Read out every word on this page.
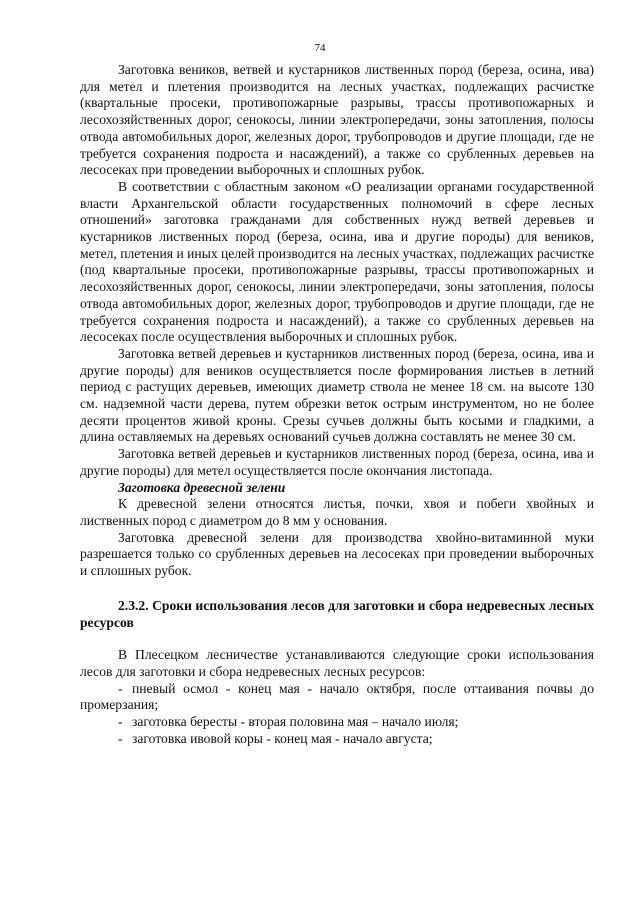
74

Заготовка веников, ветвей и кустарников лиственных пород (береза, осина, ива) для метел и плетения производится на лесных участках, подлежащих расчистке (квартальные просеки, противопожарные разрывы, трассы противопожарных и лесохозяйственных дорог, сенокосы, линии электропередачи, зоны затопления, полосы отвода автомобильных дорог, железных дорог, трубопроводов и другие площади, где не требуется сохранения подроста и насаждений), а также со срубленных деревьев на лесосеках при проведении выборочных и сплошных рубок.

В соответствии с областным законом «О реализации органами государственной власти Архангельской области государственных полномочий в сфере лесных отношений» заготовка гражданами для собственных нужд ветвей деревьев и кустарников лиственных пород (береза, осина, ива и другие породы) для веников, метел, плетения и иных целей производится на лесных участках, подлежащих расчистке (под квартальные просеки, противопожарные разрывы, трассы противопожарных и лесохозяйственных дорог, сенокосы, линии электропередачи, зоны затопления, полосы отвода автомобильных дорог, железных дорог, трубопроводов и другие площади, где не требуется сохранения подроста и насаждений), а также со срубленных деревьев на лесосеках после осуществления выборочных и сплошных рубок.

Заготовка ветвей деревьев и кустарников лиственных пород (береза, осина, ива и другие породы) для веников осуществляется после формирования листьев в летний период с растущих деревьев, имеющих диаметр ствола не менее 18 см. на высоте 130 см. надземной части дерева, путем обрезки веток острым инструментом, но не более десяти процентов живой кроны. Срезы сучьев должны быть косыми и гладкими, а длина оставляемых на деревьях оснований сучьев должна составлять не менее 30 см.

Заготовка ветвей деревьев и кустарников лиственных пород (береза, осина, ива и другие породы) для метел осуществляется после окончания листопада.

Заготовка древесной зелени

К древесной зелени относятся листья, почки, хвоя и побеги хвойных и лиственных пород с диаметром до 8 мм у основания.

Заготовка древесной зелени для производства хвойно-витаминной муки разрешается только со срубленных деревьев на лесосеках при проведении выборочных и сплошных рубок.

2.3.2. Сроки использования лесов для заготовки и сбора недревесных лесных ресурсов

В Плесецком лесничестве устанавливаются следующие сроки использования лесов для заготовки и сбора недревесных лесных ресурсов:

- пневый осмол - конец мая - начало октября, после оттаивания почвы до промерзания;
- заготовка бересты - вторая половина мая – начало июля;
- заготовка ивовой коры - конец мая - начало августа;
